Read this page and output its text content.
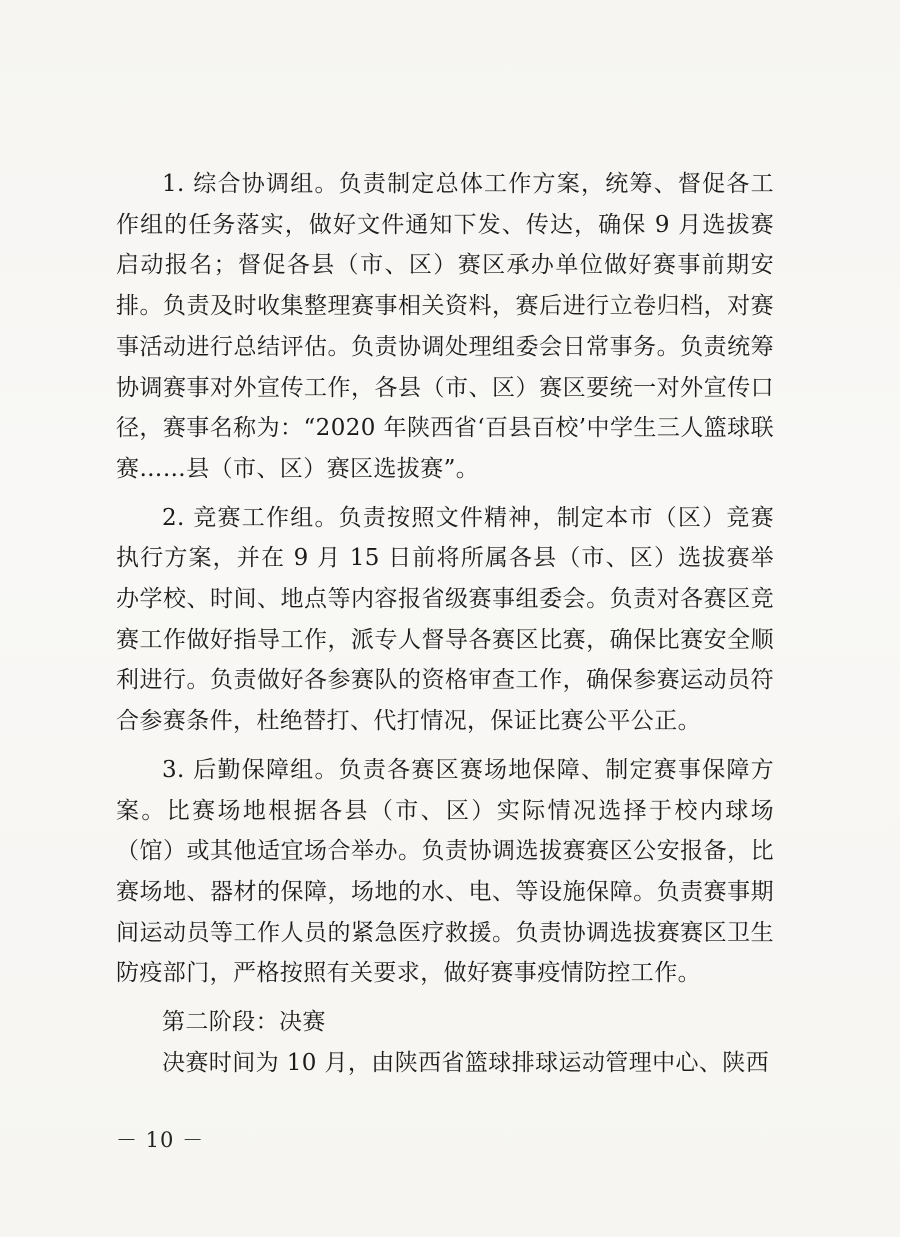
1. 综合协调组。负责制定总体工作方案，统筹、督促各工作组的任务落实，做好文件通知下发、传达，确保 9 月选拔赛启动报名；督促各县（市、区）赛区承办单位做好赛事前期安排。负责及时收集整理赛事相关资料，赛后进行立卷归档，对赛事活动进行总结评估。负责协调处理组委会日常事务。负责统筹协调赛事对外宣传工作，各县（市、区）赛区要统一对外宣传口径，赛事名称为：“2020 年陕西省‘百县百校’中学生三人篮球联赛……县（市、区）赛区选拔赛”。

2. 竞赛工作组。负责按照文件精神，制定本市（区）竞赛执行方案，并在 9 月 15 日前将所属各县（市、区）选拔赛举办学校、时间、地点等内容报省级赛事组委会。负责对各赛区竞赛工作做好指导工作，派专人督导各赛区比赛，确保比赛安全顺利进行。负责做好各参赛队的资格审查工作，确保参赛运动员符合参赛条件，杜绝替打、代打情况，保证比赛公平公正。

3. 后勤保障组。负责各赛区赛场地保障、制定赛事保障方案。比赛场地根据各县（市、区）实际情况选择于校内球场（馆）或其他适宜场合举办。负责协调选拔赛赛区公安报备，比赛场地、器材的保障，场地的水、电、等设施保障。负责赛事期间运动员等工作人员的紧急医疗救援。负责协调选拔赛赛区卫生防疫部门，严格按照有关要求，做好赛事疫情防控工作。

第二阶段：决赛

决赛时间为 10 月，由陕西省篮球排球运动管理中心、陕西

－ 10 －
